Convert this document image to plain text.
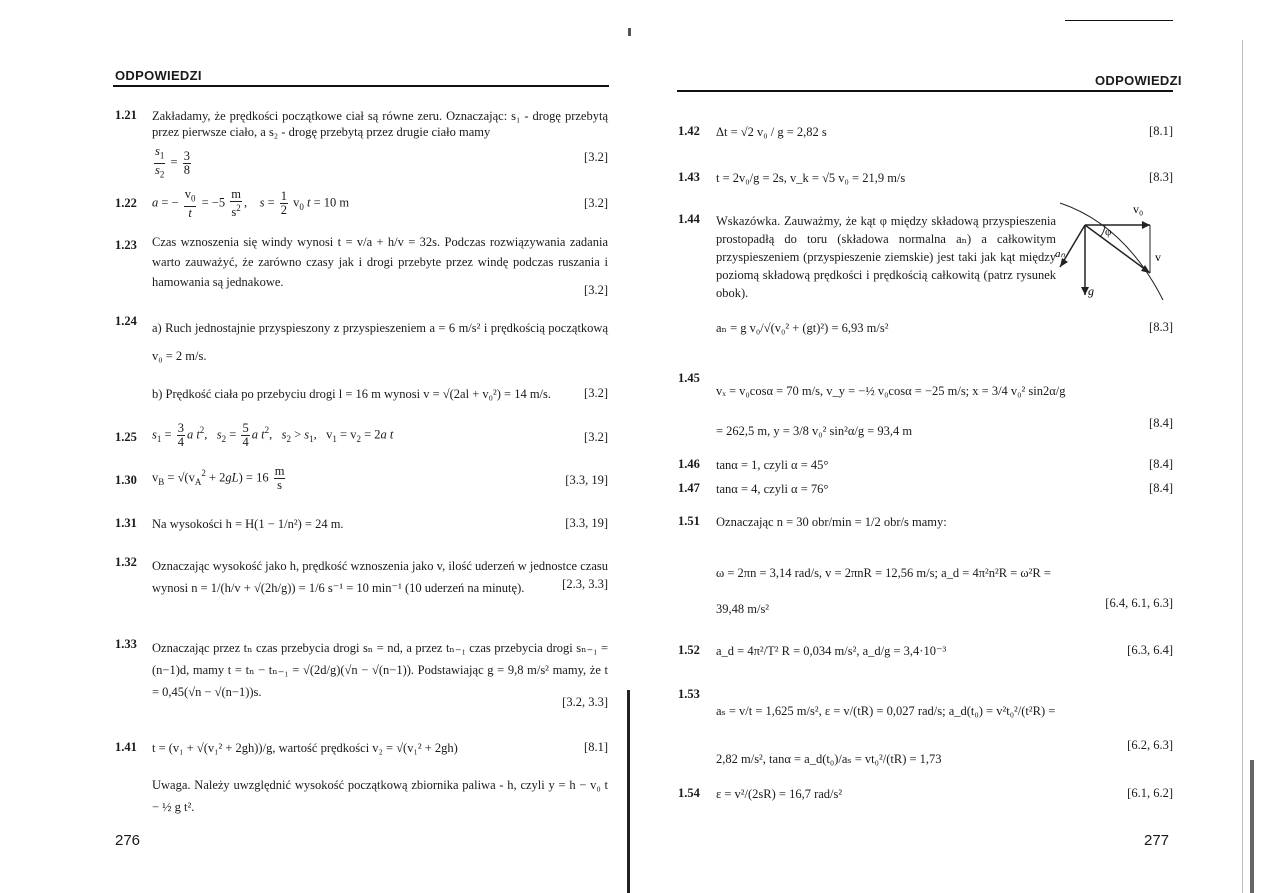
ODPOWIEDZI
1.21 Zakładamy, że prędkości początkowe ciał są równe zeru. Oznaczając: s₁ - drogę przebytą przez pierwsze ciało, a s₂ - drogę przebytą przez drugie ciało mamy
$\frac{s_1}{s_2} = \frac{3}{8}$	[3.2]
1.22 a = − $\frac{v_0}{t} = -5 \frac{m}{s^2}$ ,    $s = \frac{1}{2} v_0$ t = 10 m	[3.2]
1.23 Czas wznoszenia się windy wynosi t = v/a + h/v = 32s. Podczas rozwiązywania zadania warto zauważyć, że zarówno czasy jak i drogi przebyte przez windę podczas ruszania i hamowania są jednakowe.
[3.2]
1.24 a) Ruch jednostajnie przyspieszony z przyspieszeniem a = 6 m/s² i prędkością początkową v₀ = 2 m/s.
b) Prędkość ciała po przebyciu drogi l = 16 m wynosi v = √(2al + v₀²) = 14 m/s.	[3.2]
1.25 $s_1 = \frac{3}{4}$ a $t^2$,   $s_2 = \frac{5}{4}$ a $t^2$,   $s_2 > s_1$,   $v_1 = v_2 = 2a$ t	[3.2]
1.30 $v_B = √(v_A^2 + 2gL) = 16 \frac{m}{s}$	[3.3, 19]
1.31 Na wysokości h = H(1 − 1/n²) = 24 m.	[3.3, 19]
1.32 Oznaczając wysokość jako h, prędkość wznoszenia jako v, ilość uderzeń w jednostce czasu wynosi n = 1/(h/v + √(2h/g)) = 1/6 s⁻¹ = 10 min⁻¹ (10 uderzeń na minutę).	[2.3, 3.3]
1.33 Oznaczając przez tₙ czas przebycia drogi sₙ = nd, a przez tₙ₋₁ czas przebycia drogi sₙ₋₁ = (n−1)d, mamy t = tₙ − tₙ₋₁ = √(2d/g)(√n − √(n−1)). Podstawiając g = 9,8 m/s² mamy, że t = 0,45(√n − √(n−1))s.
[3.2, 3.3]
1.41 t = (v₁ + √(v₁² + 2gh))/g, wartość prędkości v₂ = √(v₁² + 2gh)	[8.1]
Uwaga. Należy uwzględnić wysokość początkową zbiornika paliwa - h, czyli y = h − v₀ t − ½ g t².
276
ODPOWIEDZI
1.42 Δt = √2 v₀ / g = 2,82 s	[8.1]
1.43 t = 2v₀/g = 2s, v_k = √5 v₀ = 21,9 m/s	[8.3]
1.44 Wskazówka. Zauważmy, że kąt φ między składową przyspieszenia prostopadłą do toru (składowa normalna aₙ) a całkowitym przyspieszeniem (przyspieszenie ziemskie) jest taki jak kąt między poziomą składową prędkości i prędkością całkowitą (patrz rysunek obok).
v₀
φ
aₙ	v
g
aₙ = g v₀/√(v₀² + (gt)²) = 6,93 m/s²	[8.3]
1.45
vₓ = v₀cosα = 70 m/s, v_y = −½ v₀cosα = −25 m/s; x = 3/4 v₀² sin2α/g = 262,5 m, y = 3/8 v₀² sin²α/g = 93,4 m
[8.4]
1.46 tanα = 1, czyli α = 45°	[8.4]
1.47 tanα = 4, czyli α = 76°	[8.4]
1.51 Oznaczając n = 30 obr/min = 1/2 obr/s mamy:
ω = 2πn = 3,14 rad/s, v = 2πnR = 12,56 m/s; a_d = 4π²n²R = ω²R = 39,48 m/s²	[6.4, 6.1, 6.3]
1.52 a_d = 4π²/T² R = 0,034 m/s², a_d/g = 3,4·10⁻³	[6.3, 6.4]
1.53
aₛ = v/t = 1,625 m/s², ε = v/(tR) = 0,027 rad/s; a_d(t₀) = v²t₀²/(t²R) = 2,82 m/s², tanα = a_d(t₀)/aₛ = vt₀²/(tR) = 1,73
[6.2, 6.3]
1.54 ε = v²/(2sR) = 16,7 rad/s²	[6.1, 6.2]
277
